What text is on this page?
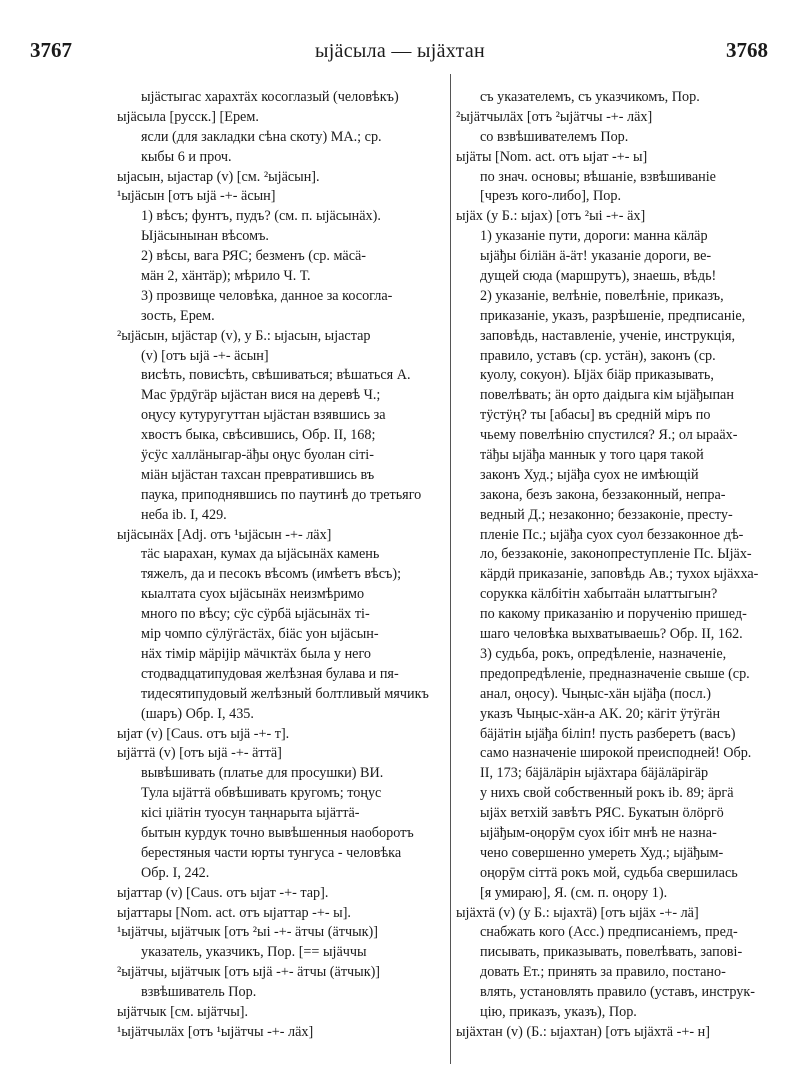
3767	ыjӓсыла — ыjӓхтан	3768
ыjӓстыгас харахтӓх косоглазый (человѣкъ)
ыjӓсыла [русск.] [Ерем.
ясли (для закладки сѣна скоту) МА.; ср.
кыбы 6 и проч.
ыjасын, ыjастар (v) [см. ²ыjӓсын].
¹ыjӓсын [отъ ыjӓ -+- ӓсын]
1) вѣсъ; фунтъ, пудъ? (см. п. ыjӓсынӓх).
Ыjӓсынынан вѣсомъ.
2) вѣсы, вага РЯС; безменъ (ср. мӓсӓ-
мӓн 2, хӓнтӓр); мѣрило Ч. Т.
3) прозвище человѣка, данное за косогла-
зость, Ерем.
²ыjӓсын, ыjӓстар (v), у Б.: ыjасын, ыjастар
(v) [отъ ыjӓ -+- ӓсын]
висѣть, повисѣть, свѣшиваться; вѣшаться А.
Мас ӯрдӯгӓр ыjӓстан вися на деревѣ Ч.;
оңусу кутуругуттан ыjӓстан взявшись за
хвостъ быка, свѣсившись, Обр. II, 168;
ӱсӱс халлӓныгар-ӓђы оңус буолан сіті-
міӓн ыjӓстан тахсан превратившись въ
паука, приподнявшись по паутинѣ до третьяго
неба ib. I, 429.
ыjӓсынӓх [Adj. отъ ¹ыjӓсын -+- лӓх]
тӓс ыарахан, кумах да ыjӓсынӓх камень
тяжелъ, да и песокъ вѣсомъ (имѣетъ вѣсъ);
кыалтата суох ыjӓсынӓх неизмѣримо
много по вѣсу; сӱс сӱрбӓ ыjӓсынӓх ті-
мір чомпо сӱлӱгӓстӓх, біӓс уон ыjӓсын-
нӓх тімір мӓріjір мӓчıктӓх была у него
стодвадцатипудовая желѣзная булава и пя-
тидесятипудовый желѣзный болтливый мячикъ
(шаръ) Обр. I, 435.
ыjат (v) [Caus. отъ ыjӓ -+- т].
ыjӓттӓ (v) [отъ ыjӓ -+- ӓттӓ]
вывѣшивать (платье для просушки) ВИ.
Тула ыjӓттӓ обвѣшивать кругомъ; тоңус
кісі џіӓтін туосун таңнарыта ыjӓттӓ-
бытын курдук точно вывѣшенныя наоборотъ
берестяныя части юрты тунгуса - человѣка
Обр. I, 242.
ыjаттар (v) [Caus. отъ ыjат -+- тар].
ыjаттары [Nom. act. отъ ыjаттар -+- ы].
¹ыjӓтчы, ыjӓтчык [отъ ²ыі -+- ӓтчы (ӓтчык)]
указатель, указчикъ, Пор. [== ыjӓччы
²ыjӓтчы, ыjӓтчык [отъ ыjӓ -+- ӓтчы (ӓтчык)]
взвѣшиватель Пор.
ыjӓтчык [см. ыjӓтчы].
¹ыjӓтчылӓх [отъ ¹ыjӓтчы -+- лӓх]
съ указателемъ, съ указчикомъ, Пор.
²ыjӓтчылӓх [отъ ²ыjӓтчы -+- лӓх]
со взвѣшивателемъ Пор.
ыjӓты [Nom. act. отъ ыjат -+- ы]
по знач. основы; вѣшаніе, взвѣшиваніе
[чрезъ кого-либо], Пор.
ыjӓх (у Б.: ыjах) [отъ ²ыі -+- ӓх]
1) указаніе пути, дороги: манна кӓлӓр
ыjӓђы біліӓн ӓ-ӓт! указаніе дороги, ве-
дущей сюда (маршрутъ), знаешь, вѣдь!
2) указаніе, велѣніе, повелѣніе, приказъ,
приказаніе, указъ, разрѣшеніе, предписаніе,
заповѣдь, наставленіе, ученіе, инструкція,
правило, уставъ (ср. устӓн), законъ (ср.
куолу, сокуон). Ыjӓх біӓр приказывать,
повелѣвать; ӓн орто даідыга кім ыjӓђыпан
тӱстӱң? ты [абасы] въ средній міръ по
чьему повелѣнію спустился? Я.; ол ыраӓх-
тӓђы ыjӓђа маннык у того царя такой
законъ Худ.; ыjӓђа суох не имѣющій
закона, безъ закона, беззаконный, непра-
ведный Д.; незаконно; беззаконіе, престу-
пленіе Пс.; ыjӓђа суох суол беззаконное дѣ-
ло, беззаконіе, законопреступленіе Пс. Ыjӓх-
кӓрдӥ приказаніе, заповѣдь Ав.; тухох ыjӓхха-
сорукка кӓлбітін хабытаӓн ылаттыгын?
по какому приказанію и порученію пришед-
шаго человѣка выхватываешь? Обр. II, 162.
3) судьба, рокъ, опредѣленіе, назначеніе,
предопредѣленіе, предназначеніе свыше (ср.
анал, оңосу). Чыңыс-хӓн ыjӓђа (посл.)
указъ Чыңыс-хӓн-а АК. 20; кӓгіт ӱтӱгӓн
бӓjӓтін ыjӓђа біліп! пусть разберетъ (васъ)
само назначеніе широкой преисподней! Обр.
II, 173; бӓjӓлӓрін ыjӓхтара бӓjӓлӓрігӓр
у нихъ свой собственный рокъ ib. 89; ӓргӓ
ыjӓх ветхій завѣтъ РЯС. Букатын ӧлӧргӧ
ыjӓђым-оңорӯм суох ібіт мнѣ не назна-
чено совершенно умереть Худ.; ыjӓђым-
оңорӯм сіттӓ рокъ мой, судьба свершилась
[я умираю], Я. (см. п. оңору 1).
ыjӓхтӓ (v) (у Б.: ыjахтӓ) [отъ ыjӓх -+- лӓ]
снабжать кого (Acc.) предписаніемъ, пред-
писывать, приказывать, повелѣвать, запові-
довать Ет.; принять за правило, постано-
влять, установлять правило (уставъ, инструк-
цію, приказъ, указъ), Пор.
ыjӓхтан (v) (Б.: ыjахтан) [отъ ыjӓхтӓ -+- н]
